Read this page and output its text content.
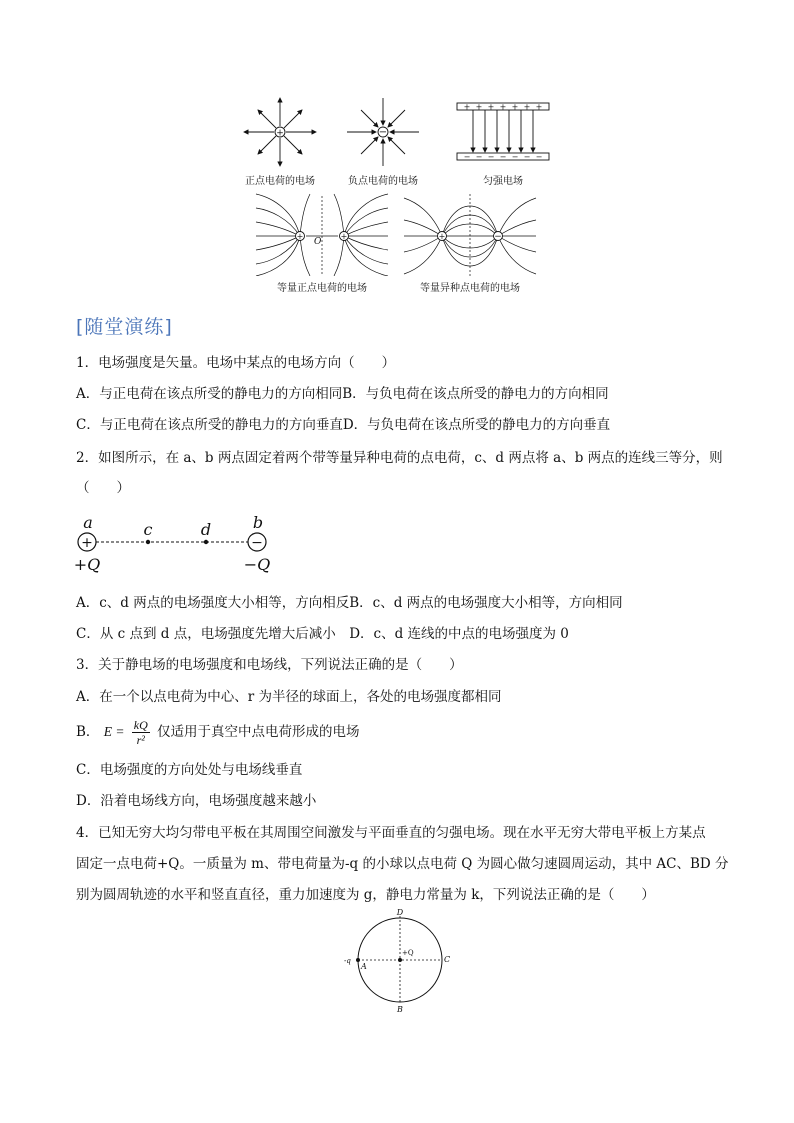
+
正点电荷的电场
−
负点电荷的电场
+ + + + + + +
− − − − − − −
匀强电场
+	+
O
等量正点电荷的电场
+	−
等量异种点电荷的电场
[随堂演练]
1．电场强度是矢量。电场中某点的电场方向（　　）
A．与正电荷在该点所受的静电力的方向相同B．与负电荷在该点所受的静电力的方向相同
C．与正电荷在该点所受的静电力的方向垂直D．与负电荷在该点所受的静电力的方向垂直
2．如图所示，在 a、b 两点固定着两个带等量异种电荷的点电荷，c、d 两点将 a、b 两点的连线三等分，则
（　　）
+	−
a	c	d	b
+Q	−Q
A．c、d 两点的电场强度大小相等，方向相反B．c、d 两点的电场强度大小相等，方向相同
C．从 c 点到 d 点，电场强度先增大后减小　D．c、d 连线的中点的电场强度为 0
3．关于静电场的电场强度和电场线，下列说法正确的是（　　）
A．在一个以点电荷为中心、r 为半径的球面上，各处的电场强度都相同
B． $E = \frac{kQ}{\text{r²}}$ 仅适用于真空中点电荷形成的电场
C．电场强度的方向处处与电场线垂直
D．沿着电场线方向，电场强度越来越小
4．已知无穷大均匀带电平板在其周围空间激发与平面垂直的匀强电场。现在水平无穷大带电平板上方某点
固定一点电荷+Q。一质量为 m、带电荷量为-q 的小球以点电荷 Q 为圆心做匀速圆周运动，其中 AC、BD 分
别为圆周轨迹的水平和竖直直径，重力加速度为 g，静电力常量为 k，下列说法正确的是（　　）
D
B
A
C
+Q
-q
